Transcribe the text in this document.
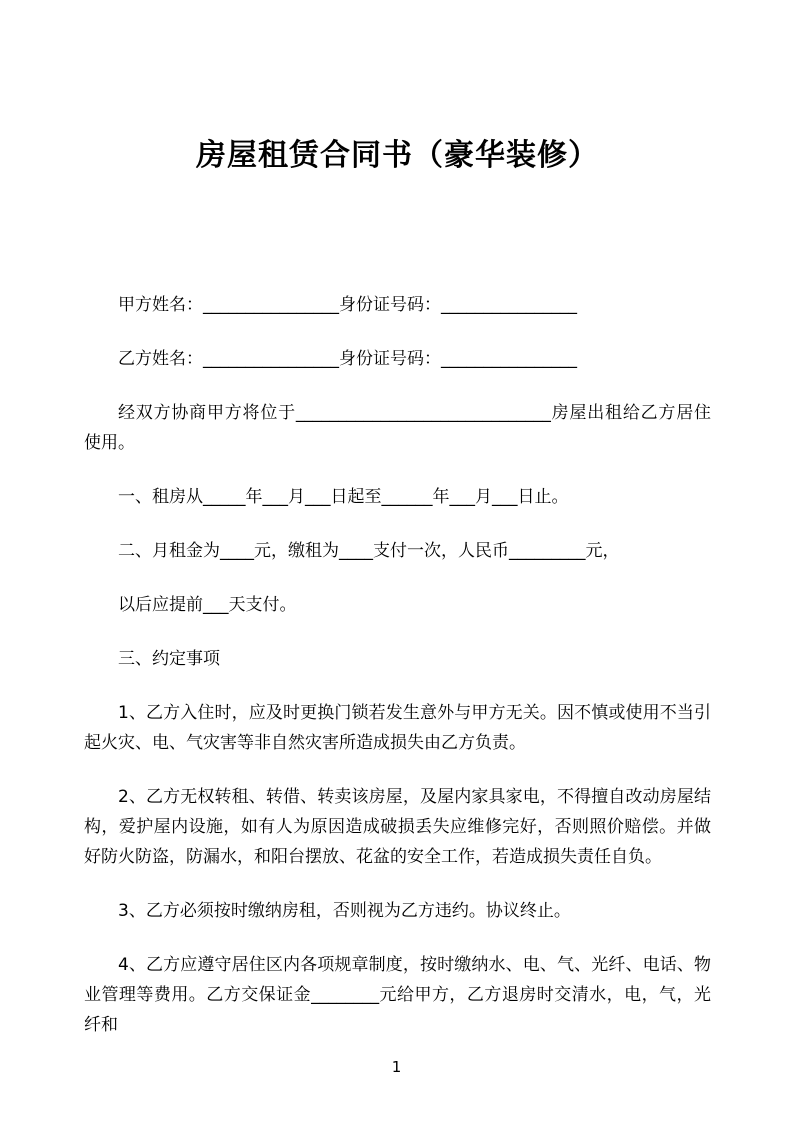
房屋租赁合同书（豪华装修）

甲方姓名：________________身份证号码：________________

乙方姓名：________________身份证号码：________________

经双方协商甲方将位于______________________________房屋出租给乙方居住使用。

一、租房从_____年___月___日起至______年___月___日止。

二、月租金为____元，缴租为____支付一次，人民币_________元，

以后应提前___天支付。

三、约定事项

1、乙方入住时，应及时更换门锁若发生意外与甲方无关。因不慎或使用不当引起火灾、电、气灾害等非自然灾害所造成损失由乙方负责。

2、乙方无权转租、转借、转卖该房屋，及屋内家具家电，不得擅自改动房屋结构，爱护屋内设施，如有人为原因造成破损丢失应维修完好，否则照价赔偿。并做好防火防盗，防漏水，和阳台摆放、花盆的安全工作，若造成损失责任自负。

3、乙方必须按时缴纳房租，否则视为乙方违约。协议终止。

4、乙方应遵守居住区内各项规章制度，按时缴纳水、电、气、光纤、电话、物业管理等费用。乙方交保证金________元给甲方，乙方退房时交清水，电，气，光纤和

1
